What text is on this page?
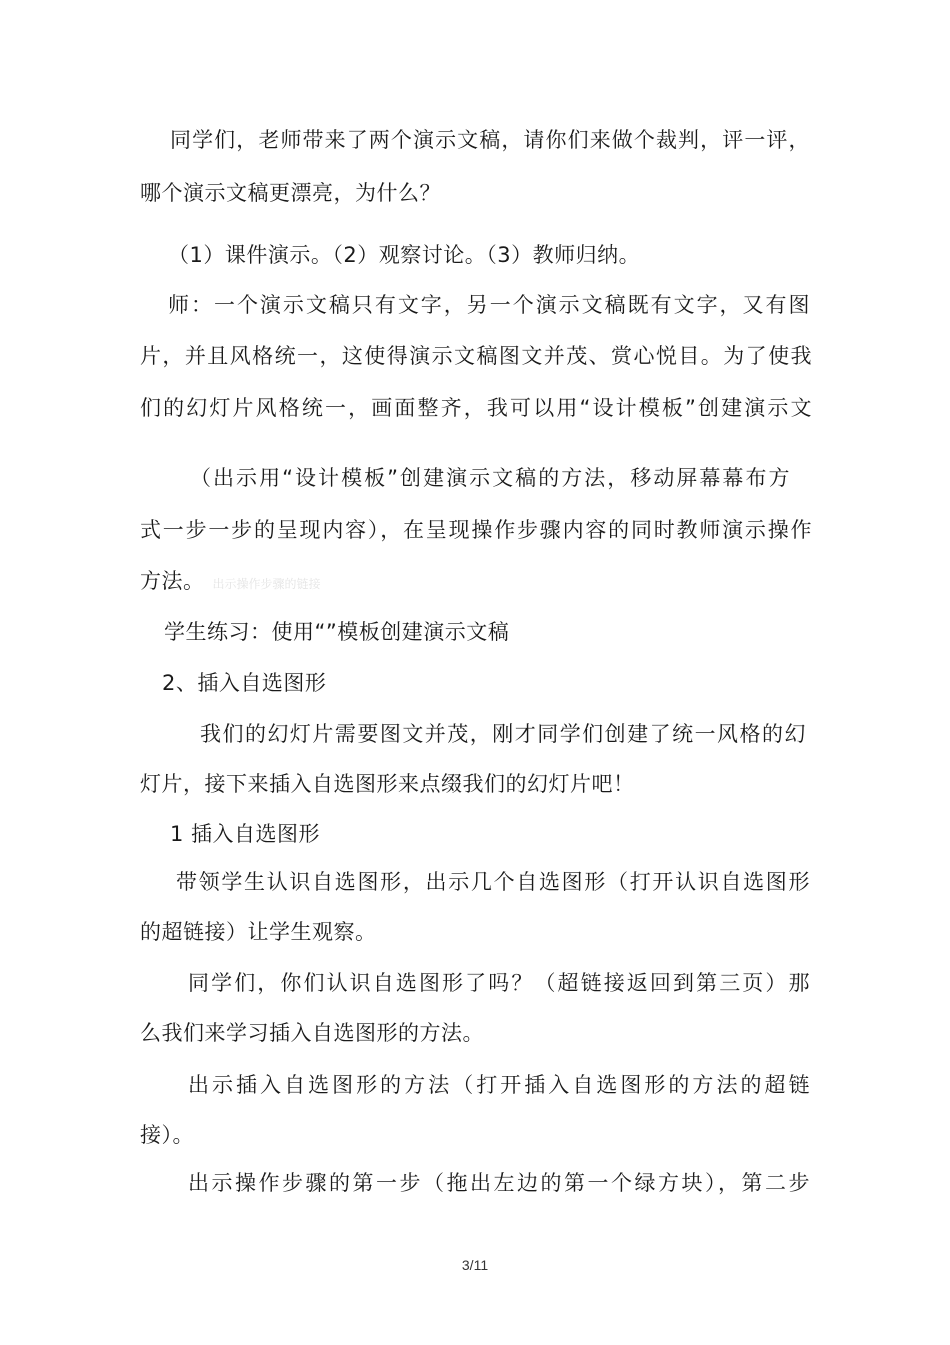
同学们，老师带来了两个演示文稿，请你们来做个裁判，评一评，
哪个演示文稿更漂亮，为什么？
（1）课件演示。（2）观察讨论。（3）教师归纳。
师：一个演示文稿只有文字，另一个演示文稿既有文字，又有图
片，并且风格统一，这使得演示文稿图文并茂、赏心悦目。为了使我
们的幻灯片风格统一，画面整齐，我可以用“设计模板”创建演示文
（出示用“设计模板”创建演示文稿的方法，移动屏幕幕布方
式一步一步的呈现内容），在呈现操作步骤内容的同时教师演示操作
方法。 出示操作步骤的链接
学生练习：使用“”模板创建演示文稿
2、插入自选图形
我们的幻灯片需要图文并茂，刚才同学们创建了统一风格的幻
灯片，接下来插入自选图形来点缀我们的幻灯片吧！
1 插入自选图形
带领学生认识自选图形，出示几个自选图形（打开认识自选图形
的超链接）让学生观察。
同学们，你们认识自选图形了吗？（超链接返回到第三页）那
么我们来学习插入自选图形的方法。
出示插入自选图形的方法（打开插入自选图形的方法的超链
接）。
出示操作步骤的第一步（拖出左边的第一个绿方块），第二步
3/11
